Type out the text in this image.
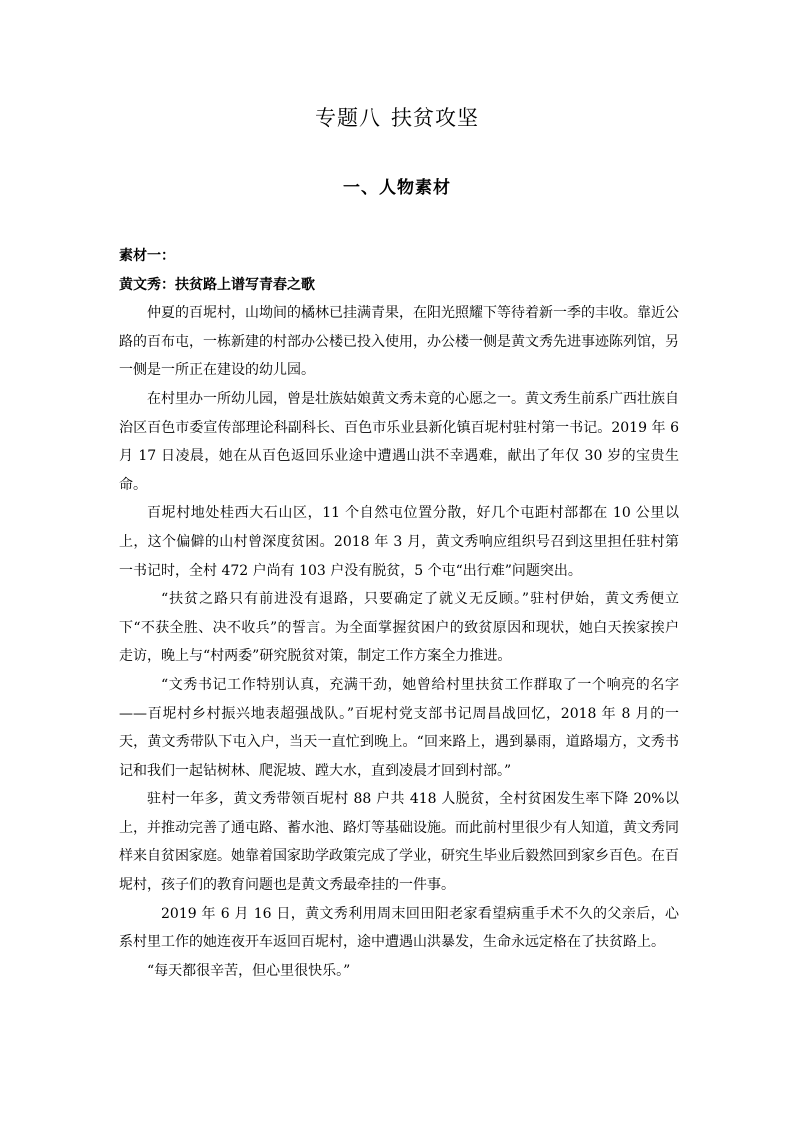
专题八 扶贫攻坚
一、人物素材

素材一：

黄文秀：扶贫路上谱写青春之歌

仲夏的百坭村，山坳间的橘林已挂满青果，在阳光照耀下等待着新一季的丰收。靠近公路的百布屯，一栋新建的村部办公楼已投入使用，办公楼一侧是黄文秀先进事迹陈列馆，另一侧是一所正在建设的幼儿园。

在村里办一所幼儿园，曾是壮族姑娘黄文秀未竟的心愿之一。黄文秀生前系广西壮族自治区百色市委宣传部理论科副科长、百色市乐业县新化镇百坭村驻村第一书记。2019 年 6 月 17 日凌晨，她在从百色返回乐业途中遭遇山洪不幸遇难，献出了年仅 30 岁的宝贵生命。

百坭村地处桂西大石山区，11 个自然屯位置分散，好几个屯距村部都在 10 公里以上，这个偏僻的山村曾深度贫困。2018 年 3 月，黄文秀响应组织号召到这里担任驻村第一书记时，全村 472 户尚有 103 户没有脱贫，5 个屯“出行难”问题突出。

“扶贫之路只有前进没有退路，只要确定了就义无反顾。”驻村伊始，黄文秀便立下“不获全胜、决不收兵”的誓言。为全面掌握贫困户的致贫原因和现状，她白天挨家挨户走访，晚上与“村两委”研究脱贫对策，制定工作方案全力推进。

“文秀书记工作特别认真，充满干劲，她曾给村里扶贫工作群取了一个响亮的名字——百坭村乡村振兴地表超强战队。”百坭村党支部书记周昌战回忆，2018 年 8 月的一天，黄文秀带队下屯入户，当天一直忙到晚上。“回来路上，遇到暴雨，道路塌方，文秀书记和我们一起钻树林、爬泥坡、蹚大水，直到凌晨才回到村部。”

驻村一年多，黄文秀带领百坭村 88 户共 418 人脱贫，全村贫困发生率下降 20%以上，并推动完善了通屯路、蓄水池、路灯等基础设施。而此前村里很少有人知道，黄文秀同样来自贫困家庭。她靠着国家助学政策完成了学业，研究生毕业后毅然回到家乡百色。在百坭村，孩子们的教育问题也是黄文秀最牵挂的一件事。

2019 年 6 月 16 日，黄文秀利用周末回田阳老家看望病重手术不久的父亲后，心系村里工作的她连夜开车返回百坭村，途中遭遇山洪暴发，生命永远定格在了扶贫路上。

“每天都很辛苦，但心里很快乐。”
